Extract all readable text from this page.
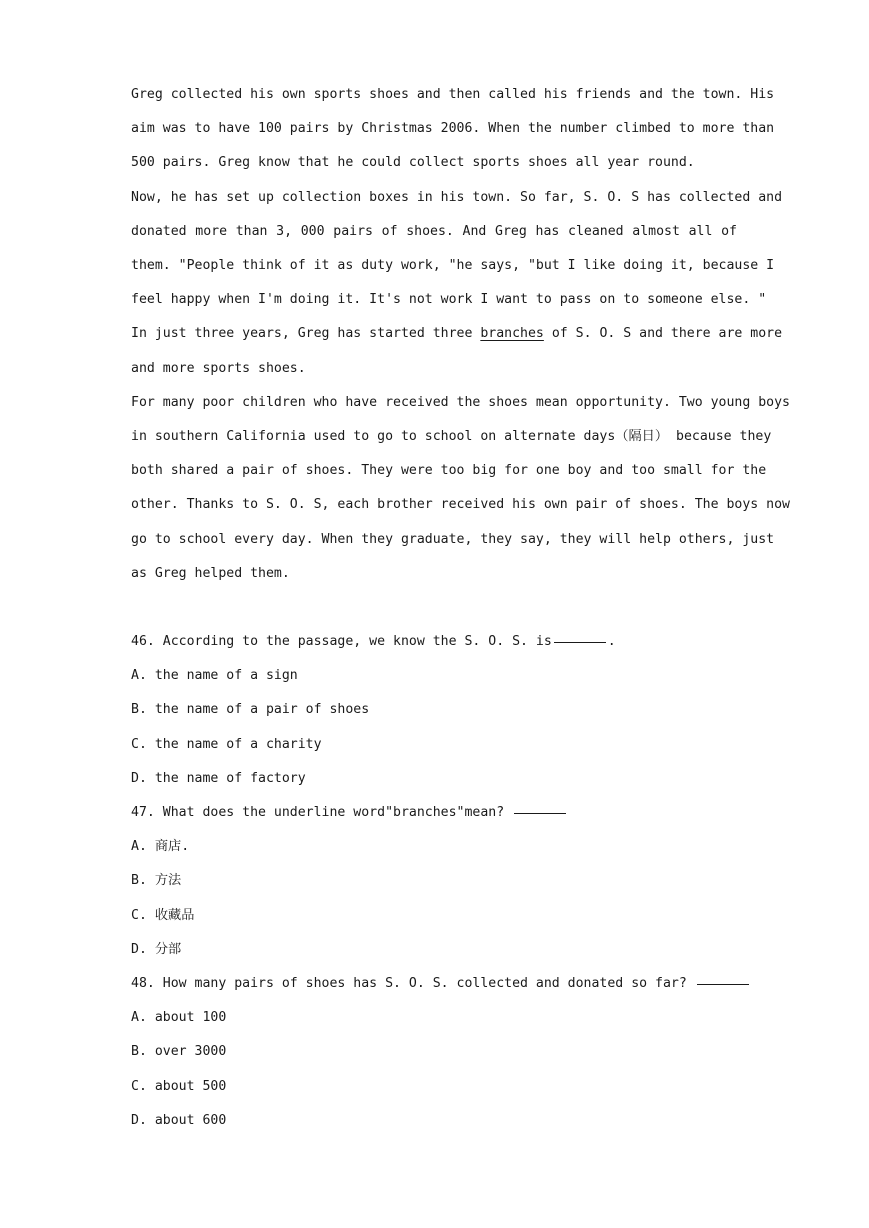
Greg collected his own sports shoes and then called his friends and the town. His

aim was to have 100 pairs by Christmas 2006. When the number climbed to more than

500 pairs. Greg know that he could collect sports shoes all year round.

Now, he has set up collection boxes in his town. So far, S. O. S has collected and

donated more than 3, 000 pairs of shoes. And Greg has cleaned almost all of

them. "People think of it as duty work, "he says, "but I like doing it, because I

feel happy when I'm doing it. It's not work I want to pass on to someone else. "

In just three years, Greg has started three branches of S. O. S and there are more

and more sports shoes.

For many poor children who have received the shoes mean opportunity. Two young boys

in southern California used to go to school on alternate days（隔日） because they

both shared a pair of shoes. They were too big for one boy and too small for the

other. Thanks to S. O. S, each brother received his own pair of shoes. The boys now

go to school every day. When they graduate, they say, they will help others, just

as Greg helped them.

46. According to the passage, we know the S. O. S. is	.

A. the name of a sign

B. the name of a pair of shoes

C. the name of a charity

D. the name of factory

47. What does the underline word"branches"mean?

A. 商店.

B. 方法

C. 收藏品

D. 分部

48. How many pairs of shoes has S. O. S. collected and donated so far?

A. about 100

B. over 3000

C. about 500

D. about 600
